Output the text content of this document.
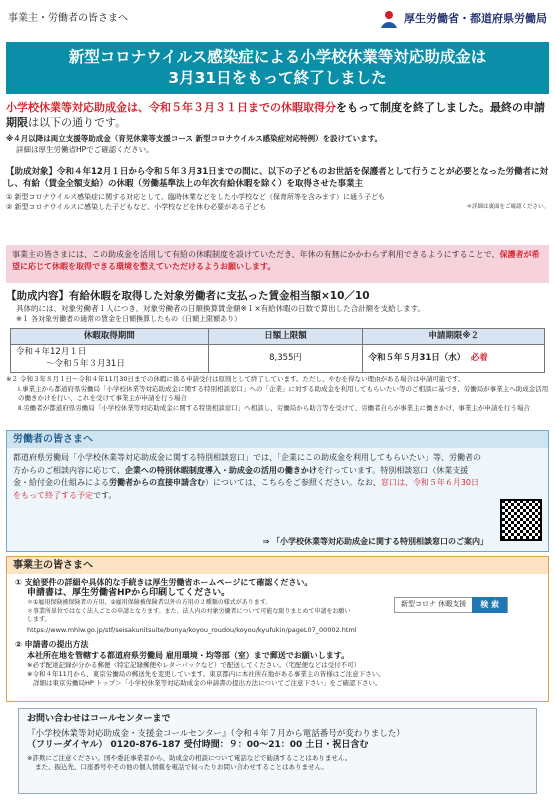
事業主・労働者の皆さまへ	厚生労働省・都道府県労働局
新型コロナウイルス感染症による小学校休業等対応助成金は
3月31日をもって終了しました
小学校休業等対応助成金は、令和５年３月３１日までの休暇取得分をもって制度を終了しました。最終の申請期限は以下の通りです。
※４月以降は両立支援等助成金（育児休業等支援コース 新型コロナウイルス感染症対応特例）を設けています。
詳細は厚生労働省HPでご確認ください。
【助成対象】令和４年12月１日から令和５年３月31日までの間に、以下の子どものお世話を保護者として行うことが必要となった労働者に対し、有給（賃金全額支給）の休暇（労働基準法上の年次有給休暇を除く）を取得させた事業主
① 新型コロナウイルス感染症に関する対応として、臨時休業などをした小学校など（保育所等を含みます）に通う子ども
② 新型コロナウイルスに感染した子どもなど、小学校などを休む必要がある子ども	＊詳細は裏面をご確認ください。
事業主の皆さまには、この助成金を活用して有給の休暇制度を設けていただき、年休の有無にかかわらず利用できるようにすることで、保護者が希望に応じて休暇を取得できる環境を整えていただけるようお願いします。
【助成内容】有給休暇を取得した対象労働者に支払った賃金相当額×10／10
具体的には、対象労働者１人につき、対象労働者の日額換算賃金額※１×有給休暇の日数で算出した合計額を支給します。
※１ 各対象労働者の通常の賃金を日額換算したもの（日額上限額あり）
休暇取得期間	日額上限額	申請期限※２

令和４年12月１日
～令和５年３月31日	8,355円	令和５年５月31日（水） 必着
※２ 令和３年８月１日～令和４年11月30日までの休暇に係る申請受付は原則として終了しています。ただし、やむを得ない理由がある場合は申請可能です。
Ⅰ.事業主から都道府県労働局「小学校休業等対応助成金に関する特別相談窓口」への「企業」に対する助成金を利用してもらいたい等のご相談に基づき、労働局が事業主へ助成金活用の働きかけを行い、これを受けて事業主が申請を行う場合
Ⅱ.労働者が都道府県労働局「小学校休業等対応助成金に関する特別相談窓口」へ相談し、労働局から助言等を受けて、労働者自らが事業主に働きかけ、事業主が申請を行う場合
労働者の皆さまへ
都道府県労働局「小学校休業等対応助成金に関する特別相談窓口」では、「企業にこの助成金を利用してもらいたい」等、労働者の方からのご相談内容に応じて、企業への特別休暇制度導入・助成金の活用の働きかけを行っています。特別相談窓口（休業支援金・給付金の仕組みによる労働者からの直接申請含む）については、こちらをご参照ください。なお、窓口は、令和５年６月30日をもって終了する予定です。
⇒ 「小学校休業等対応助成金に関する特別相談窓口のご案内」
事業主の皆さまへ
① 支給要件の詳細や具体的な手続きは厚生労働省ホームページにて確認ください。
申請書は、厚生労働省HPから印刷してください。
＊①雇用保険被保険者の方用、②雇用保険被保険者以外の方用の２種類の様式があります。
＊事業所単位ではなく法人ごとの申請となります。また、法人内の対象労働者について可能な限りまとめて申請をお願いします。
https://www.mhlw.go.jp/stf/seisakunitsuite/bunya/koyou_roudou/koyou/kyufukin/pageL07_00002.html
② 申請書の提出方法
本社所在地を管轄する都道府県労働局 雇用環境・均等部（室）まで郵送でお願いします。
※必ず配達記録が分かる郵便（特定記録郵便やレターパックなど）で配送してください。（宅配便などは受付不可）
※令和４年11月から、東京労働局の郵送先を変更しています。東京都内に本社所在地がある事業主の皆様はご注意下さい。
詳細は東京労働局HP トップ＞「小学校休業等対応助成金の申請書の提出方法についてご注意下さい」をご確認下さい。
新型コロナ 休暇支援	検 索
お問い合わせはコールセンターまで
『小学校休業等対応助成金・支援金コールセンター』（令和４年７月から電話番号が変わりました）
（フリーダイヤル） 0120-876-187 受付時間：９：00～21：00 土日・祝日含む
※詐欺にご注意ください。国や委託事業者から、助成金の相談について電話などで勧誘することはありません。
また、振込先、口座番号やその他の個人情報を電話で伺ったりお問い合わせすることはありません。
